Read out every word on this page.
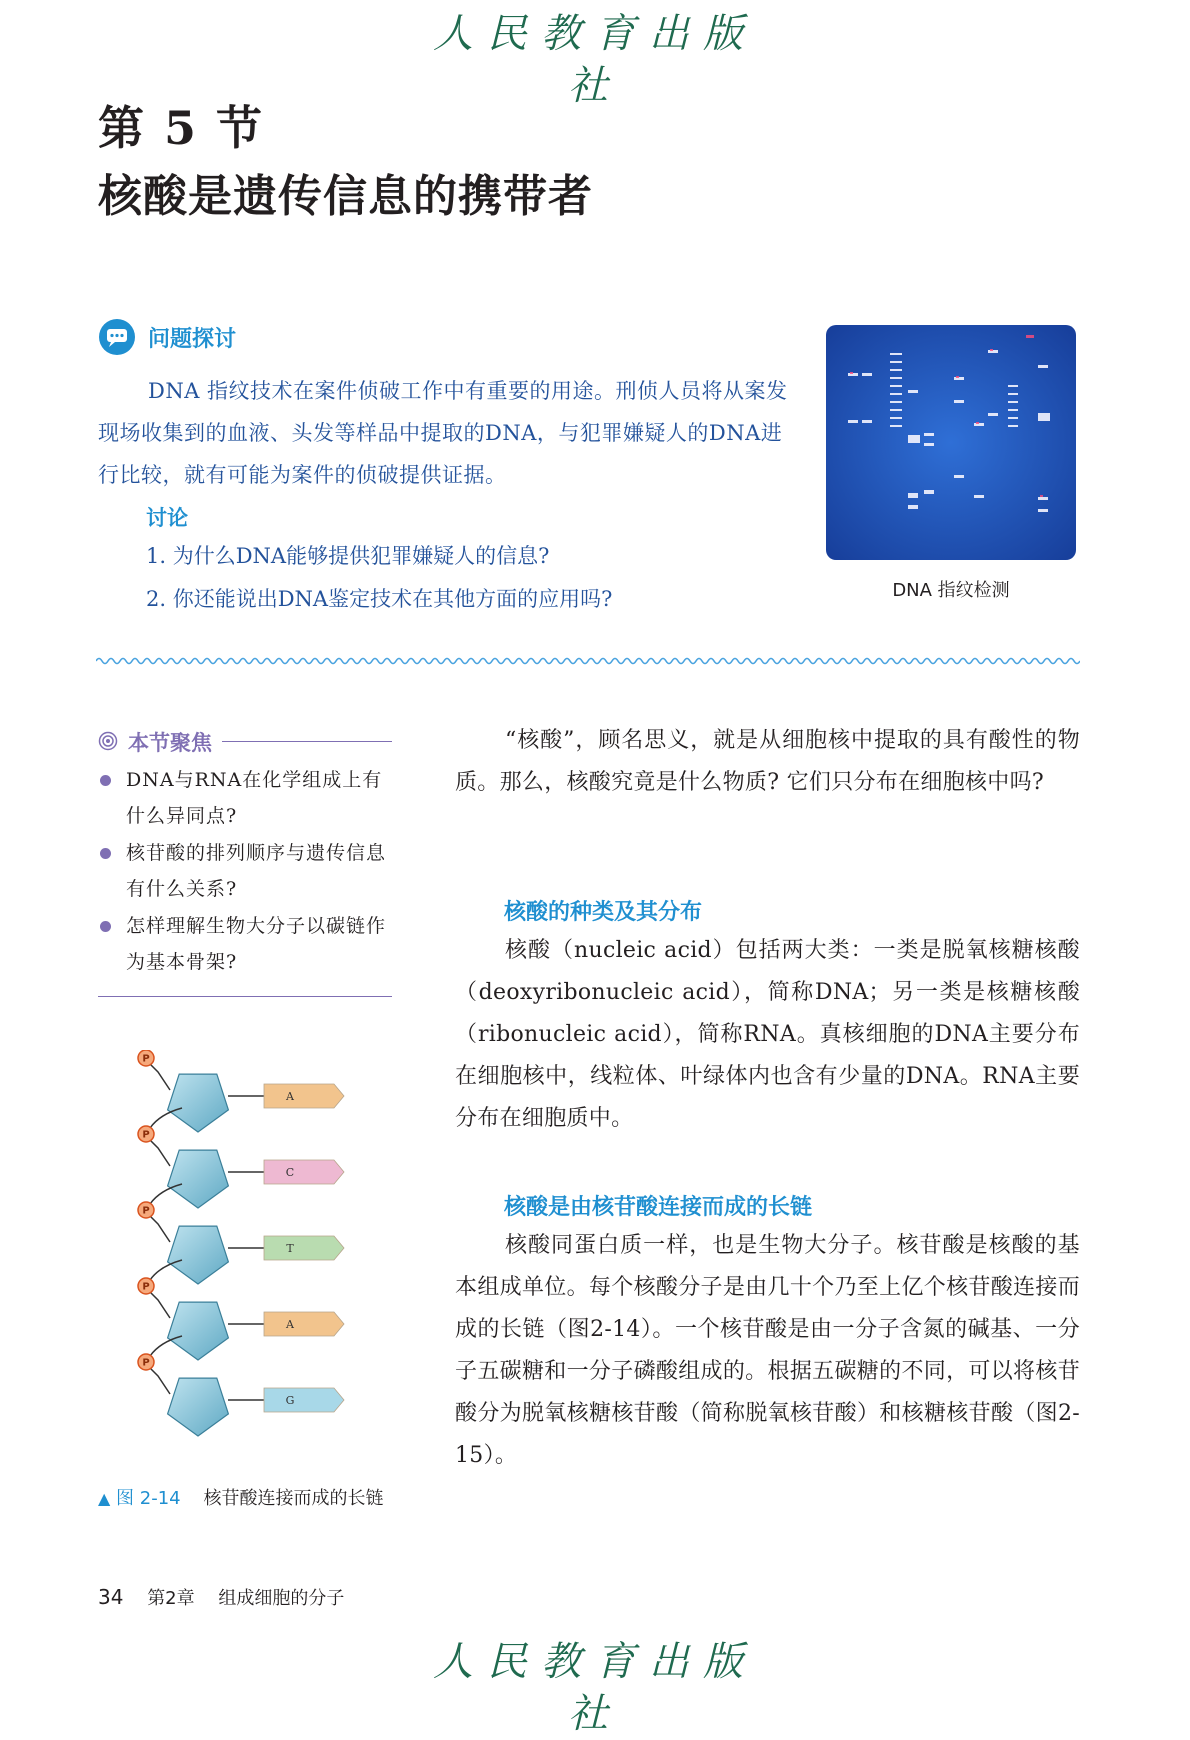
人民教育出版社
第 5 节
核酸是遗传信息的携带者
问题探讨

DNA 指纹技术在案件侦破工作中有重要的用途。刑侦人员将从案发现场收集到的血液、头发等样品中提取的DNA，与犯罪嫌疑人的DNA进行比较，就有可能为案件的侦破提供证据。

讨论
1. 为什么DNA能够提供犯罪嫌疑人的信息?
2. 你还能说出DNA鉴定技术在其他方面的应用吗?	DNA 指纹检测
本节聚焦
DNA与RNA在化学组成上有什么异同点?
核苷酸的排列顺序与遗传信息有什么关系?
怎样理解生物大分子以碳链作为基本骨架?
P
A
P
C
P
T
P
A
P
G
▲ 图 2-14 核苷酸连接而成的长链

“核酸”，顾名思义，就是从细胞核中提取的具有酸性的物质。那么，核酸究竟是什么物质? 它们只分布在细胞核中吗?

核酸的种类及其分布

核酸（nucleic acid）包括两大类：一类是脱氧核糖核酸（deoxyribonucleic acid），简称DNA；另一类是核糖核酸（ribonucleic acid），简称RNA。真核细胞的DNA主要分布在细胞核中，线粒体、叶绿体内也含有少量的DNA。RNA主要分布在细胞质中。

核酸是由核苷酸连接而成的长链

核酸同蛋白质一样，也是生物大分子。核苷酸是核酸的基本组成单位。每个核酸分子是由几十个乃至上亿个核苷酸连接而成的长链（图2-14）。一个核苷酸是由一分子含氮的碱基、一分子五碳糖和一分子磷酸组成的。根据五碳糖的不同，可以将核苷酸分为脱氧核糖核苷酸（简称脱氧核苷酸）和核糖核苷酸（图2-15）。

34 第2章 组成细胞的分子
人民教育出版社
